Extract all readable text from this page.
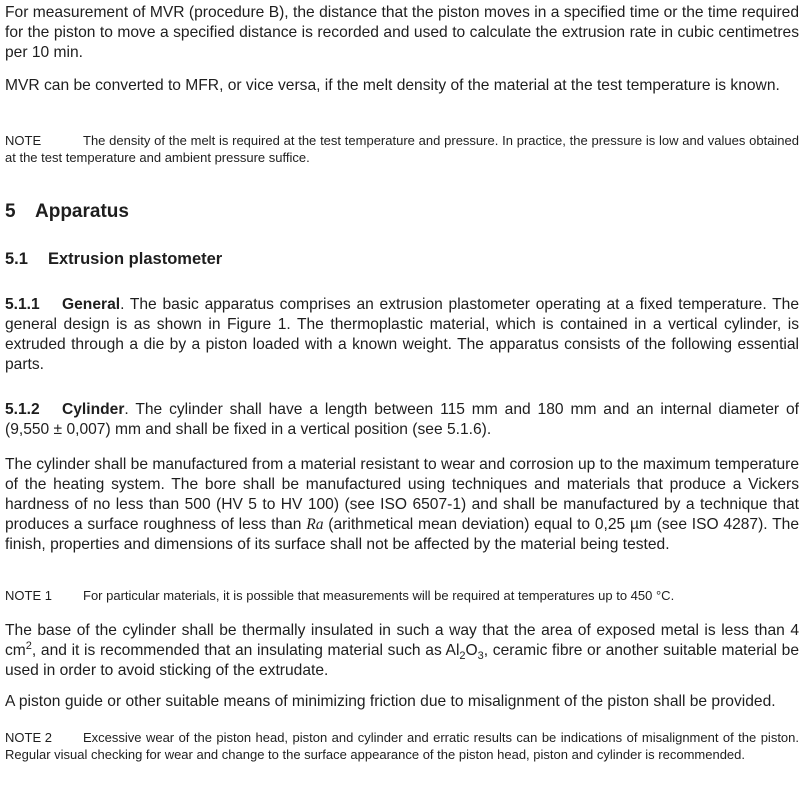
For measurement of MVR (procedure B), the distance that the piston moves in a specified time or the time required for the piston to move a specified distance is recorded and used to calculate the extrusion rate in cubic centimetres per 10 min.

MVR can be converted to MFR, or vice versa, if the melt density of the material at the test temperature is known.

NOTE	The density of the melt is required at the test temperature and pressure. In practice, the pressure is low and values obtained at the test temperature and ambient pressure suffice.

5 Apparatus
5.1 Extrusion plastometer

5.1.1 General. The basic apparatus comprises an extrusion plastometer operating at a fixed temperature. The general design is as shown in Figure 1. The thermoplastic material, which is contained in a vertical cylinder, is extruded through a die by a piston loaded with a known weight. The apparatus consists of the following essential parts.

5.1.2 Cylinder. The cylinder shall have a length between 115 mm and 180 mm and an internal diameter of (9,550 ± 0,007) mm and shall be fixed in a vertical position (see 5.1.6).

The cylinder shall be manufactured from a material resistant to wear and corrosion up to the maximum temperature of the heating system. The bore shall be manufactured using techniques and materials that produce a Vickers hardness of no less than 500 (HV 5 to HV 100) (see ISO 6507-1) and shall be manufactured by a technique that produces a surface roughness of less than Ra (arithmetical mean deviation) equal to 0,25 µm (see ISO 4287). The finish, properties and dimensions of its surface shall not be affected by the material being tested.

NOTE 1 For particular materials, it is possible that measurements will be required at temperatures up to 450 °C.

The base of the cylinder shall be thermally insulated in such a way that the area of exposed metal is less than 4 $cm^2$, and it is recommended that an insulating material such as $Al_2O_3$, ceramic fibre or another suitable material be used in order to avoid sticking of the extrudate.

A piston guide or other suitable means of minimizing friction due to misalignment of the piston shall be provided.

NOTE 2 Excessive wear of the piston head, piston and cylinder and erratic results can be indications of misalignment of the piston. Regular visual checking for wear and change to the surface appearance of the piston head, piston and cylinder is recommended.
